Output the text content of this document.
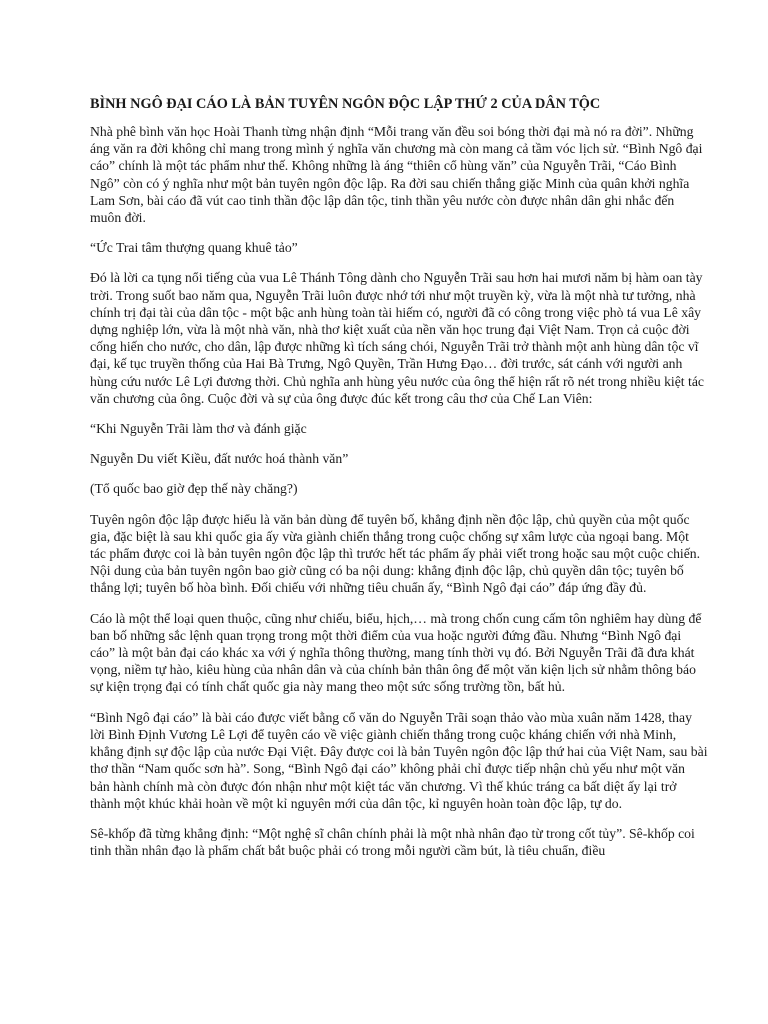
BÌNH NGÔ ĐẠI CÁO LÀ BẢN TUYÊN NGÔN ĐỘC LẬP THỨ 2 CỦA DÂN TỘC
Nhà phê bình văn học Hoài Thanh từng nhận định “Mỗi trang văn đều soi bóng thời đại mà nó ra đời”. Những áng văn ra đời không chỉ mang trong mình ý nghĩa văn chương mà còn mang cả tầm vóc lịch sử. “Bình Ngô đại cáo” chính là một tác phẩm như thế. Không những là áng “thiên cổ hùng văn” của Nguyễn Trãi, “Cáo Bình Ngô” còn có ý nghĩa như một bản tuyên ngôn độc lập. Ra đời sau chiến thắng giặc Minh của quân khởi nghĩa Lam Sơn, bài cáo đã vút cao tinh thần độc lập dân tộc, tinh thần yêu nước còn được nhân dân ghi nhắc đến muôn đời.
“Ức Trai tâm thượng quang khuê tảo”
Đó là lời ca tụng nổi tiếng của vua Lê Thánh Tông dành cho Nguyễn Trãi sau hơn hai mươi năm bị hàm oan tày trời. Trong suốt bao năm qua, Nguyễn Trãi luôn được nhớ tới như một truyền kỳ, vừa là một nhà tư tưởng, nhà chính trị đại tài của dân tộc - một bậc anh hùng toàn tài hiếm có, người đã có công trong việc phò tá vua Lê xây dựng nghiệp lớn, vừa là một nhà văn, nhà thơ kiệt xuất của nền văn học trung đại Việt Nam. Trọn cả cuộc đời cống hiến cho nước, cho dân, lập được những kì tích sáng chói, Nguyễn Trãi trở thành một anh hùng dân tộc vĩ đại, kế tục truyền thống của Hai Bà Trưng, Ngô Quyền, Trần Hưng Đạo… đời trước, sát cánh với người anh hùng cứu nước Lê Lợi đương thời. Chủ nghĩa anh hùng yêu nước của ông thể hiện rất rõ nét trong nhiều kiệt tác văn chương của ông. Cuộc đời và sự của ông được đúc kết trong câu thơ của Chế Lan Viên:
“Khi Nguyễn Trãi làm thơ và đánh giặc
Nguyễn Du viết Kiều, đất nước hoá thành văn”
(Tổ quốc bao giờ đẹp thế này chăng?)
Tuyên ngôn độc lập được hiểu là văn bản dùng để tuyên bố, khẳng định nền độc lập, chủ quyền của một quốc gia, đặc biệt là sau khi quốc gia ấy vừa giành chiến thắng trong cuộc chống sự xâm lược của ngoại bang. Một tác phẩm được coi là bản tuyên ngôn độc lập thì trước hết tác phẩm ấy phải viết trong hoặc sau một cuộc chiến. Nội dung của bản tuyên ngôn bao giờ cũng có ba nội dung: khẳng định độc lập, chủ quyền dân tộc; tuyên bố thắng lợi; tuyên bố hòa bình. Đối chiếu với những tiêu chuẩn ấy, “Bình Ngô đại cáo” đáp ứng đầy đủ.
Cáo là một thể loại quen thuộc, cũng như chiếu, biểu, hịch,… mà trong chốn cung cấm tôn nghiêm hay dùng để ban bố những sắc lệnh quan trọng trong một thời điểm của vua hoặc người đứng đầu. Nhưng “Bình Ngô đại cáo” là một bản đại cáo khác xa với ý nghĩa thông thường, mang tính thời vụ đó. Bởi Nguyễn Trãi đã đưa khát vọng, niềm tự hào, kiêu hùng của nhân dân và của chính bản thân ông để một văn kiện lịch sử nhằm thông báo sự kiện trọng đại có tính chất quốc gia này mang theo một sức sống trường tồn, bất hủ.
“Bình Ngô đại cáo” là bài cáo được viết bằng cổ văn do Nguyễn Trãi soạn thảo vào mùa xuân năm 1428, thay lời Bình Định Vương Lê Lợi để tuyên cáo về việc giành chiến thắng trong cuộc kháng chiến với nhà Minh, khẳng định sự độc lập của nước Đại Việt. Đây được coi là bản Tuyên ngôn độc lập thứ hai của Việt Nam, sau bài thơ thần “Nam quốc sơn hà”. Song, “Bình Ngô đại cáo” không phải chỉ được tiếp nhận chủ yếu như một văn bản hành chính mà còn được đón nhận như một kiệt tác văn chương. Vì thế khúc tráng ca bất diệt ấy lại trở thành một khúc khải hoàn về một kỉ nguyên mới của dân tộc, kỉ nguyên hoàn toàn độc lập, tự do.
Sê-khốp đã từng khẳng định: “Một nghệ sĩ chân chính phải là một nhà nhân đạo từ trong cốt tủy”. Sê-khốp coi tinh thần nhân đạo là phẩm chất bắt buộc phải có trong mỗi người cầm bút, là tiêu chuẩn, điều
